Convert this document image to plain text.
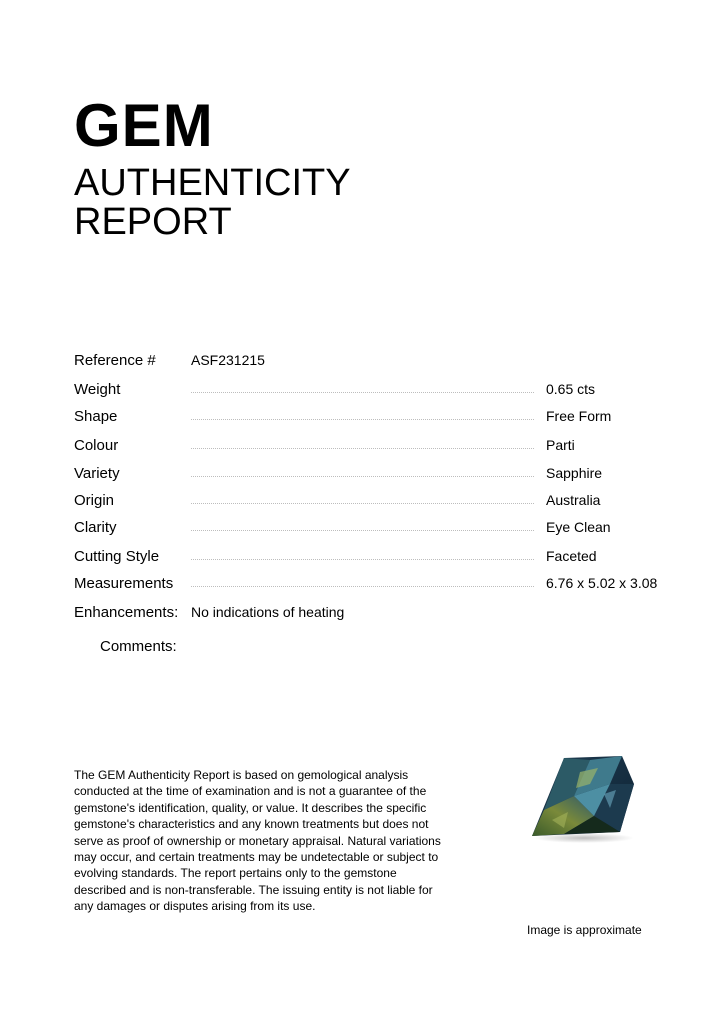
GEM
AUTHENTICITY
REPORT
Reference #	ASF231215
Weight	0.65 cts
Shape	Free Form
Colour	Parti
Variety	Sapphire
Origin	Australia
Clarity	Eye Clean
Cutting Style	Faceted
Measurements	6.76 x 5.02 x 3.08
Enhancements: No indications of heating
Comments:
The GEM Authenticity Report is based on gemological analysis conducted at the time of examination and is not a guarantee of the gemstone's identification, quality, or value. It describes the specific gemstone's characteristics and any known treatments but does not serve as proof of ownership or monetary appraisal. Natural variations may occur, and certain treatments may be undetectable or subject to evolving standards. The report pertains only to the gemstone described and is non-transferable. The issuing entity is not liable for any damages or disputes arising from its use.
Image is approximate
